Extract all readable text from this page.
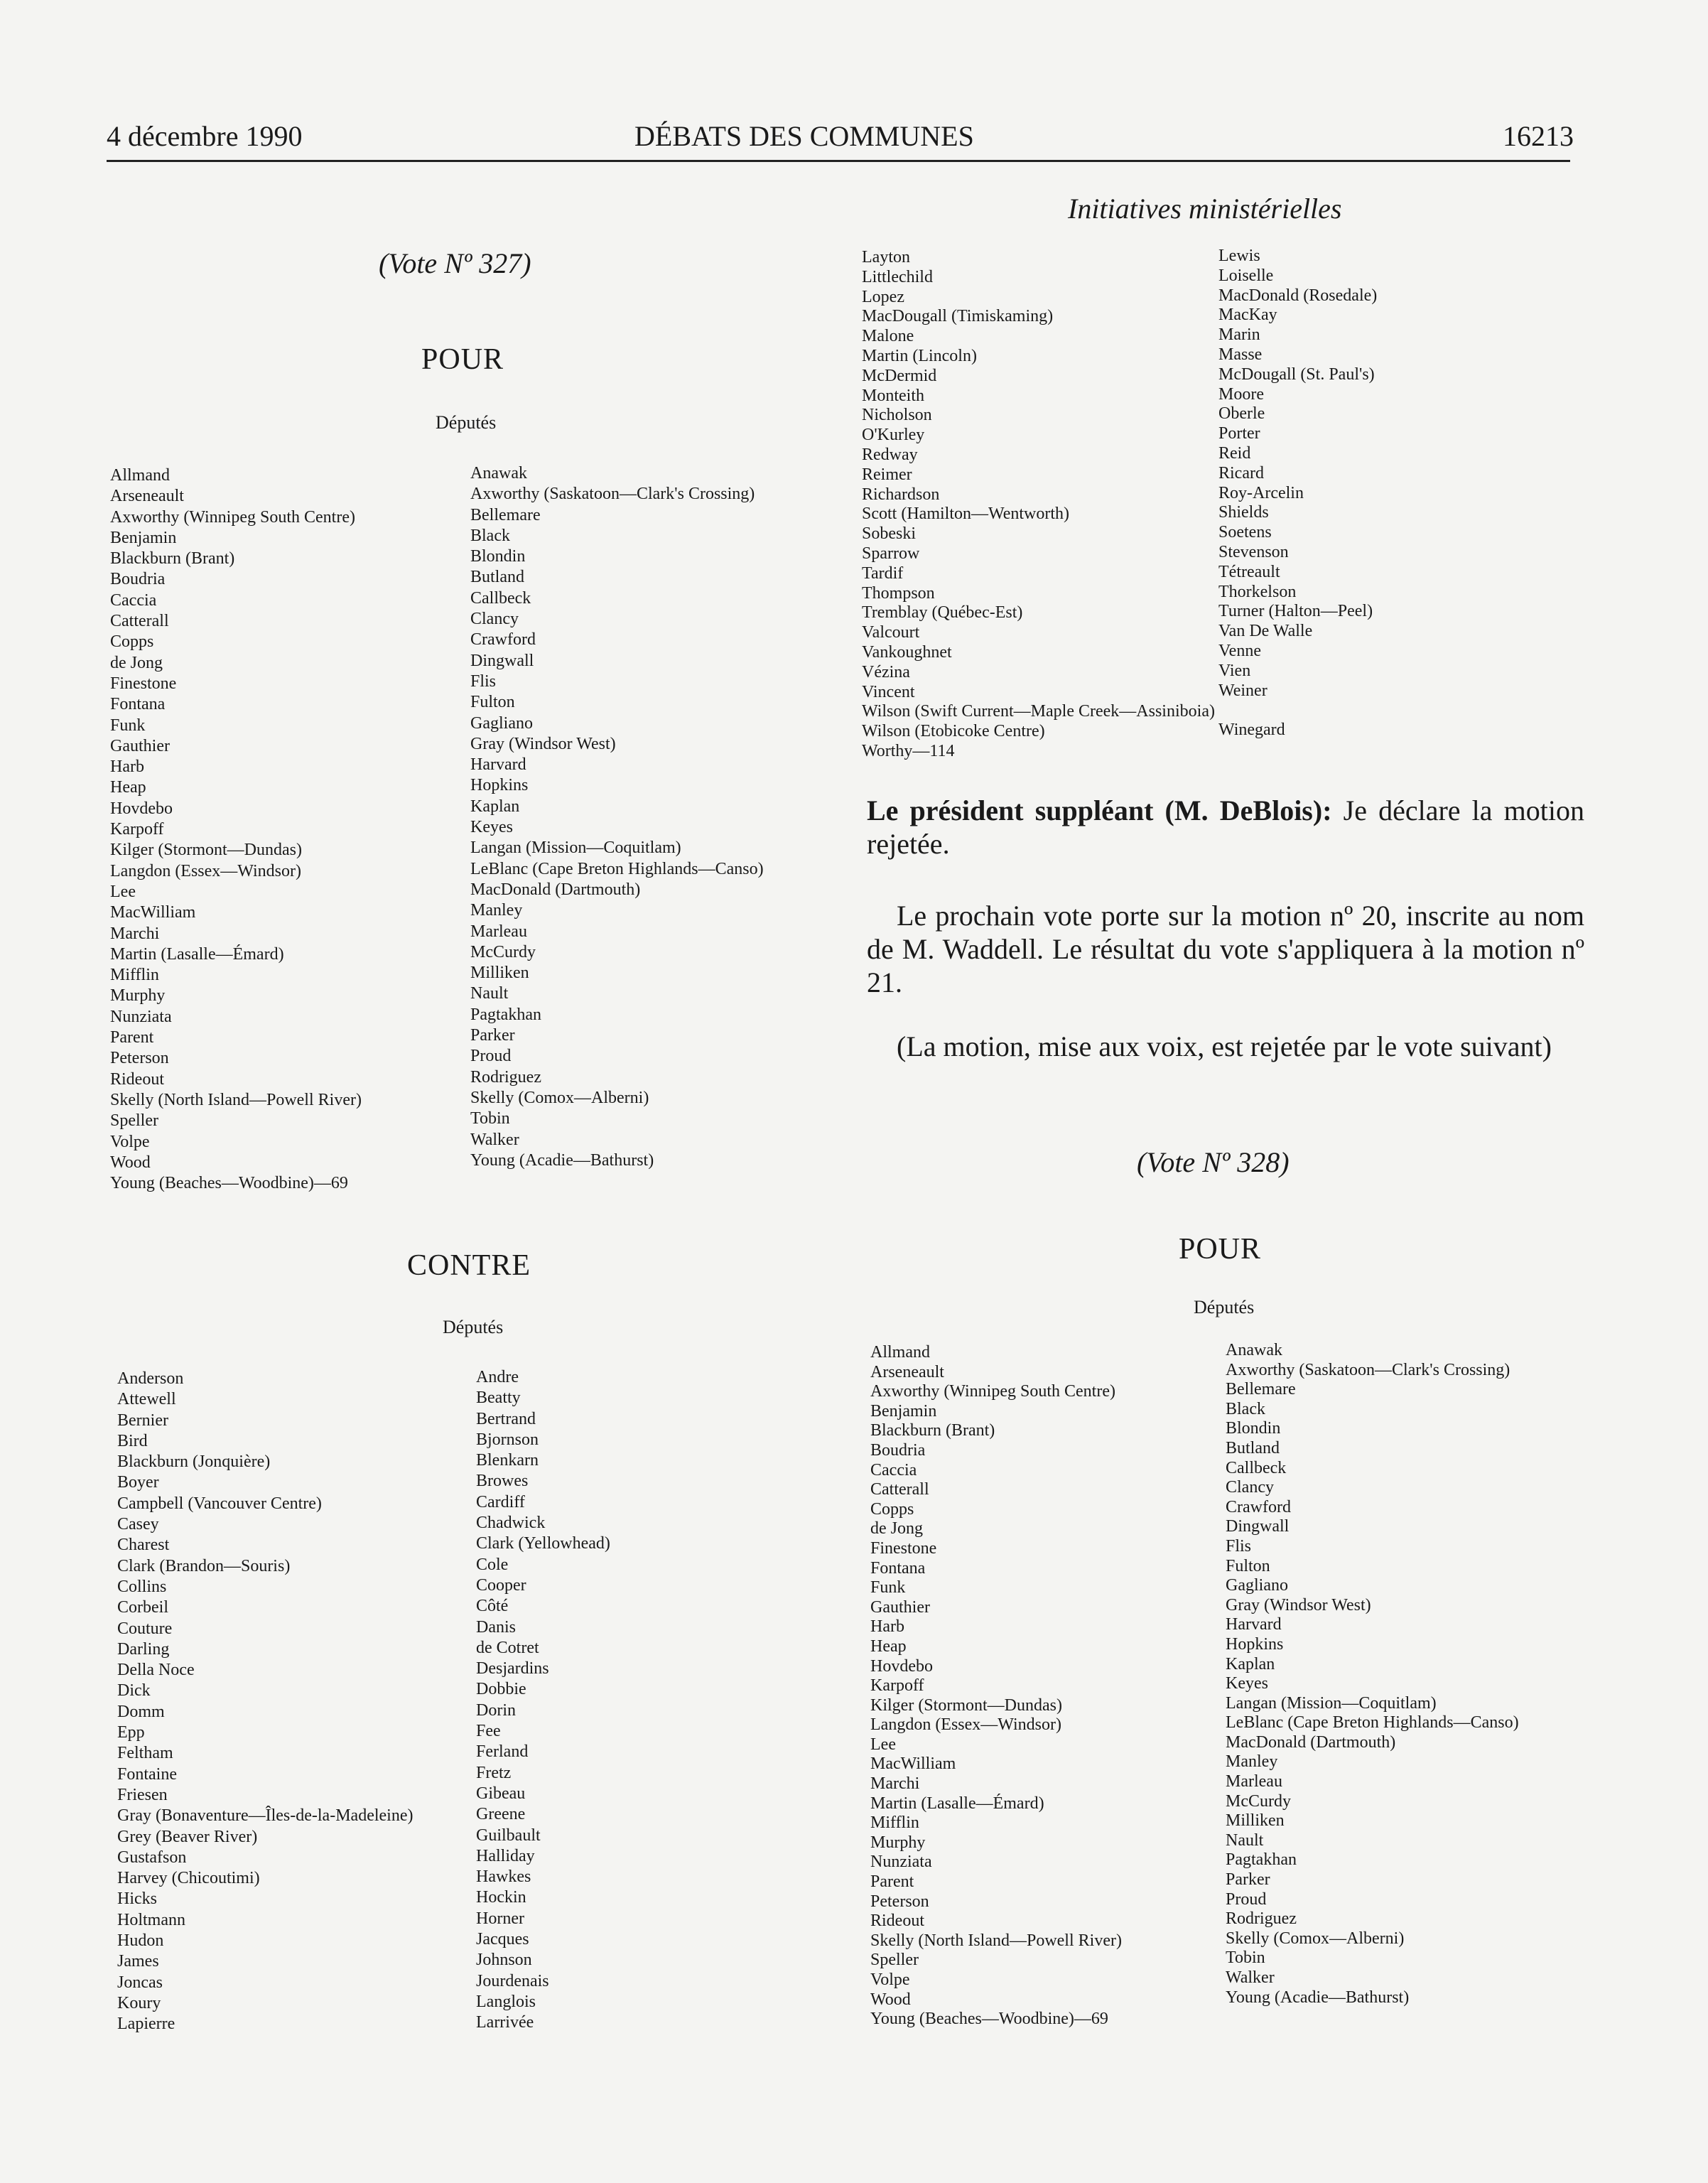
4 décembre 1990	DÉBATS DES COMMUNES	16213
Initiatives ministérielles
(Vote Nº 327)
POUR
Députés
Allmand
Arseneault
Axworthy (Winnipeg South Centre)
Benjamin
Blackburn (Brant)
Boudria
Caccia
Catterall
Copps
de Jong
Finestone
Fontana
Funk
Gauthier
Harb
Heap
Hovdebo
Karpoff
Kilger (Stormont—Dundas)
Langdon (Essex—Windsor)
Lee
MacWilliam
Marchi
Martin (Lasalle—Émard)
Mifflin
Murphy
Nunziata
Parent
Peterson
Rideout
Skelly (North Island—Powell River)
Speller
Volpe
Wood
Young (Beaches—Woodbine)—69
Anawak
Axworthy (Saskatoon—Clark's Crossing)
Bellemare
Black
Blondin
Butland
Callbeck
Clancy
Crawford
Dingwall
Flis
Fulton
Gagliano
Gray (Windsor West)
Harvard
Hopkins
Kaplan
Keyes
Langan (Mission—Coquitlam)
LeBlanc (Cape Breton Highlands—Canso)
MacDonald (Dartmouth)
Manley
Marleau
McCurdy
Milliken
Nault
Pagtakhan
Parker
Proud
Rodriguez
Skelly (Comox—Alberni)
Tobin
Walker
Young (Acadie—Bathurst)
CONTRE
Députés
Anderson
Attewell
Bernier
Bird
Blackburn (Jonquière)
Boyer
Campbell (Vancouver Centre)
Casey
Charest
Clark (Brandon—Souris)
Collins
Corbeil
Couture
Darling
Della Noce
Dick
Domm
Epp
Feltham
Fontaine
Friesen
Gray (Bonaventure—Îles-de-la-Madeleine)
Grey (Beaver River)
Gustafson
Harvey (Chicoutimi)
Hicks
Holtmann
Hudon
James
Joncas
Koury
Lapierre
Andre
Beatty
Bertrand
Bjornson
Blenkarn
Browes
Cardiff
Chadwick
Clark (Yellowhead)
Cole
Cooper
Côté
Danis
de Cotret
Desjardins
Dobbie
Dorin
Fee
Ferland
Fretz
Gibeau
Greene
Guilbault
Halliday
Hawkes
Hockin
Horner
Jacques
Johnson
Jourdenais
Langlois
Larrivée
Layton
Littlechild
Lopez
MacDougall (Timiskaming)
Malone
Martin (Lincoln)
McDermid
Monteith
Nicholson
O'Kurley
Redway
Reimer
Richardson
Scott (Hamilton—Wentworth)
Sobeski
Sparrow
Tardif
Thompson
Tremblay (Québec-Est)
Valcourt
Vankoughnet
Vézina
Vincent
Wilson (Swift Current—Maple Creek—Assiniboia)
Wilson (Etobicoke Centre)
Worthy—114
Lewis
Loiselle
MacDonald (Rosedale)
MacKay
Marin
Masse
McDougall (St. Paul's)
Moore
Oberle
Porter
Reid
Ricard
Roy-Arcelin
Shields
Soetens
Stevenson
Tétreault
Thorkelson
Turner (Halton—Peel)
Van De Walle
Venne
Vien
Weiner

Winegard
Le président suppléant (M. DeBlois): Je déclare la motion rejetée.
Le prochain vote porte sur la motion nº 20, inscrite au nom de M. Waddell. Le résultat du vote s'appliquera à la motion nº 21.
(La motion, mise aux voix, est rejetée par le vote suivant)
(Vote Nº 328)
POUR
Députés
Allmand
Arseneault
Axworthy (Winnipeg South Centre)
Benjamin
Blackburn (Brant)
Boudria
Caccia
Catterall
Copps
de Jong
Finestone
Fontana
Funk
Gauthier
Harb
Heap
Hovdebo
Karpoff
Kilger (Stormont—Dundas)
Langdon (Essex—Windsor)
Lee
MacWilliam
Marchi
Martin (Lasalle—Émard)
Mifflin
Murphy
Nunziata
Parent
Peterson
Rideout
Skelly (North Island—Powell River)
Speller
Volpe
Wood
Young (Beaches—Woodbine)—69
Anawak
Axworthy (Saskatoon—Clark's Crossing)
Bellemare
Black
Blondin
Butland
Callbeck
Clancy
Crawford
Dingwall
Flis
Fulton
Gagliano
Gray (Windsor West)
Harvard
Hopkins
Kaplan
Keyes
Langan (Mission—Coquitlam)
LeBlanc (Cape Breton Highlands—Canso)
MacDonald (Dartmouth)
Manley
Marleau
McCurdy
Milliken
Nault
Pagtakhan
Parker
Proud
Rodriguez
Skelly (Comox—Alberni)
Tobin
Walker
Young (Acadie—Bathurst)
